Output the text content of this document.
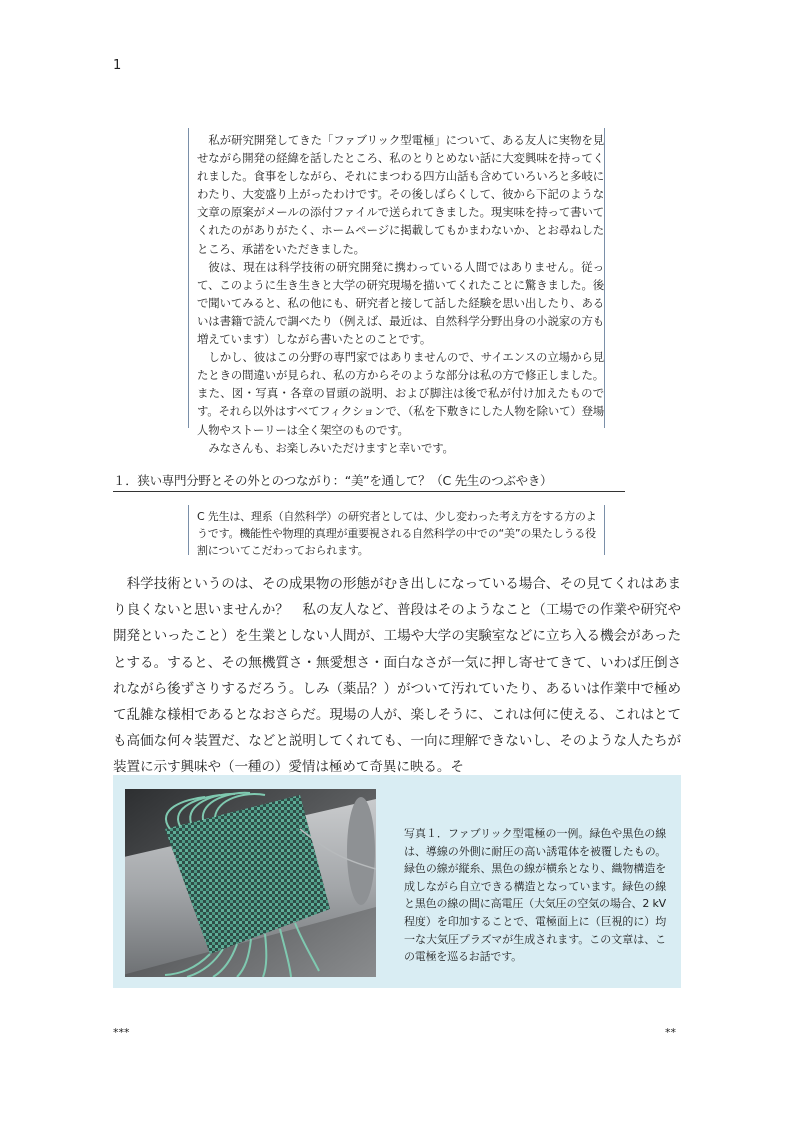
1

私が研究開発してきた「ファブリック型電極」について、ある友人に実物を見せながら開発の経緯を話したところ、私のとりとめない話に大変興味を持ってくれました。食事をしながら、それにまつわる四方山話も含めていろいろと多岐にわたり、大変盛り上がったわけです。その後しばらくして、彼から下記のような文章の原案がメールの添付ファイルで送られてきました。現実味を持って書いてくれたのがありがたく、ホームページに掲載してもかまわないか、とお尋ねしたところ、承諾をいただきました。

彼は、現在は科学技術の研究開発に携わっている人間ではありません。従って、このように生き生きと大学の研究現場を描いてくれたことに驚きました。後で聞いてみると、私の他にも、研究者と接して話した経験を思い出したり、あるいは書籍で読んで調べたり（例えば、最近は、自然科学分野出身の小説家の方も増えています）しながら書いたとのことです。

しかし、彼はこの分野の専門家ではありませんので、サイエンスの立場から見たときの間違いが見られ、私の方からそのような部分は私の方で修正しました。また、図・写真・各章の冒頭の説明、および脚注は後で私が付け加えたものです。それら以外はすべてフィクションで、（私を下敷きにした人物を除いて）登場人物やストーリーは全く架空のものです。

みなさんも、お楽しみいただけますと幸いです。

１．狭い専門分野とその外とのつながり：“美”を通して？（C 先生のつぶやき）
C 先生は、理系（自然科学）の研究者としては、少し変わった考え方をする方のようです。機能性や物理的真理が重要視される自然科学の中での“美”の果たしうる役割についてこだわっておられます。

科学技術というのは、その成果物の形態がむき出しになっている場合、その見てくれはあまり良くないと思いませんか？　私の友人など、普段はそのようなこと（工場での作業や研究や開発といったこと）を生業としない人間が、工場や大学の実験室などに立ち入る機会があったとする。すると、その無機質さ・無愛想さ・面白なさが一気に押し寄せてきて、いわば圧倒されながら後ずさりするだろう。しみ（薬品？）がついて汚れていたり、あるいは作業中で極めて乱雑な様相であるとなおさらだ。現場の人が、楽しそうに、これは何に使える、これはとても高価な何々装置だ、などと説明してくれても、一向に理解できないし、そのような人たちが装置に示す興味や（一種の）愛情は極めて奇異に映る。そ

写真１．ファブリック型電極の一例。緑色や黒色の線は、導線の外側に耐圧の高い誘電体を被覆したもの。緑色の線が縦糸、黒色の線が横糸となり、織物構造を成しながら自立できる構造となっています。緑色の線と黒色の線の間に高電圧（大気圧の空気の場合、2 kV 程度）を印加することで、電極面上に（巨視的に）均一な大気圧プラズマが生成されます。この文章は、この電極を巡るお話です。

***	**
